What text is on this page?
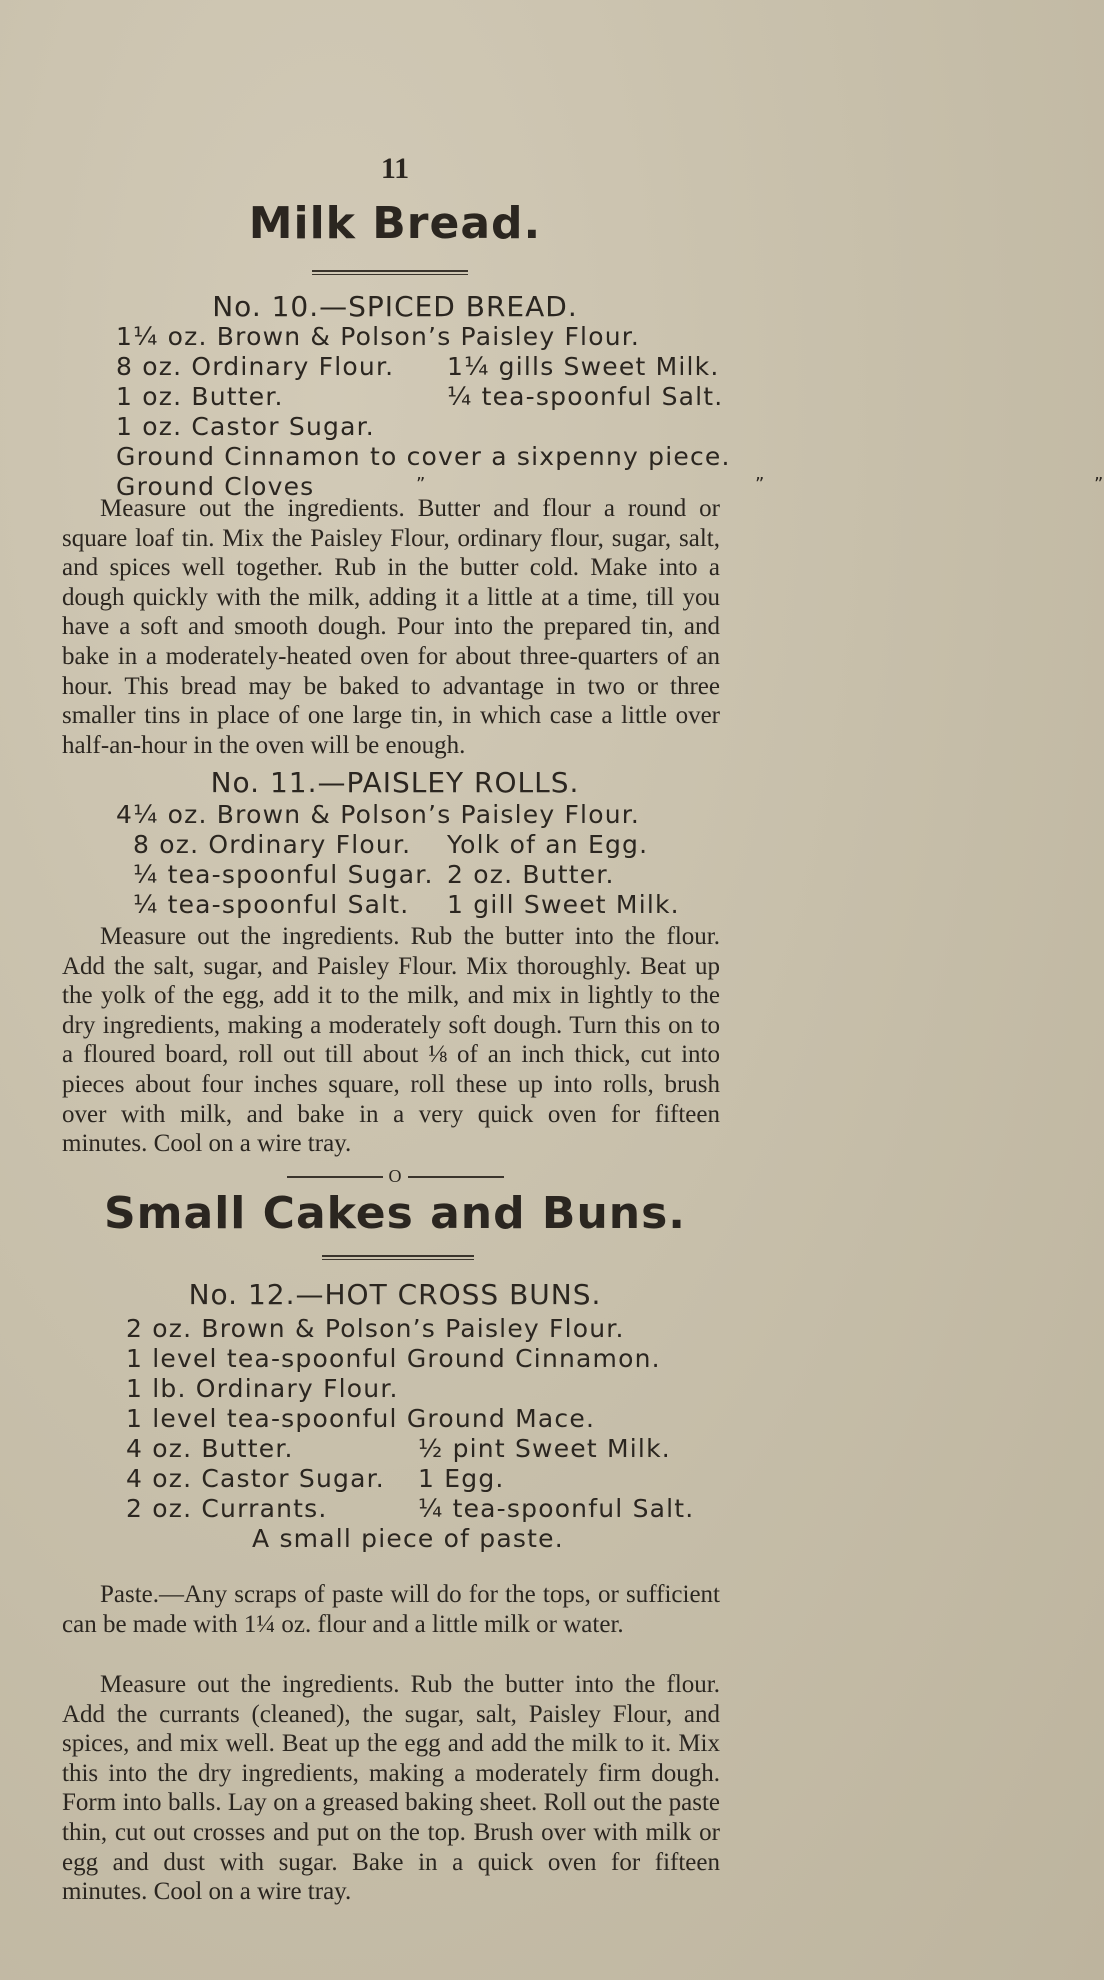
11
Milk Bread.
No. 10.—SPICED BREAD.
1¼ oz. Brown & Polson’s Paisley Flour.
8 oz. Ordinary Flour. 1¼ gills Sweet Milk.
1 oz. Butter.	¼ tea-spoonful Salt.
1 oz. Castor Sugar.
Ground Cinnamon to cover a sixpenny piece.
Ground Cloves	”       ”       ”

Measure out the ingredients. Butter and flour a round or square loaf tin. Mix the Paisley Flour, ordinary flour, sugar, salt, and spices well together. Rub in the butter cold. Make into a dough quickly with the milk, adding it a little at a time, till you have a soft and smooth dough. Pour into the prepared tin, and bake in a moderately-heated oven for about three-quarters of an hour. This bread may be baked to advantage in two or three smaller tins in place of one large tin, in which case a little over half-an-hour in the oven will be enough.

No. 11.—PAISLEY ROLLS.
4¼ oz. Brown & Polson’s Paisley Flour.
8 oz. Ordinary Flour. Yolk of an Egg.
¼ tea-spoonful Sugar. 2 oz. Butter.
¼ tea-spoonful Salt. 1 gill Sweet Milk.

Measure out the ingredients. Rub the butter into the flour. Add the salt, sugar, and Paisley Flour. Mix thoroughly. Beat up the yolk of the egg, add it to the milk, and mix in lightly to the dry ingredients, making a moderately soft dough. Turn this on to a floured board, roll out till about ⅛ of an inch thick, cut into pieces about four inches square, roll these up into rolls, brush over with milk, and bake in a very quick oven for fifteen minutes. Cool on a wire tray.

O
Small Cakes and Buns.
No. 12.—HOT CROSS BUNS.
2 oz. Brown & Polson’s Paisley Flour.
1 level tea-spoonful Ground Cinnamon.
1 lb. Ordinary Flour.
1 level tea-spoonful Ground Mace.
4 oz. Butter.	½ pint Sweet Milk.
4 oz. Castor Sugar. 1 Egg.
2 oz. Currants.	¼ tea-spoonful Salt.
A small piece of paste.

Paste.—Any scraps of paste will do for the tops, or sufficient can be made with 1¼ oz. flour and a little milk or water.

Measure out the ingredients. Rub the butter into the flour. Add the currants (cleaned), the sugar, salt, Paisley Flour, and spices, and mix well. Beat up the egg and add the milk to it. Mix this into the dry ingredients, making a moderately firm dough. Form into balls. Lay on a greased baking sheet. Roll out the paste thin, cut out crosses and put on the top. Brush over with milk or egg and dust with sugar. Bake in a quick oven for fifteen minutes. Cool on a wire tray.
